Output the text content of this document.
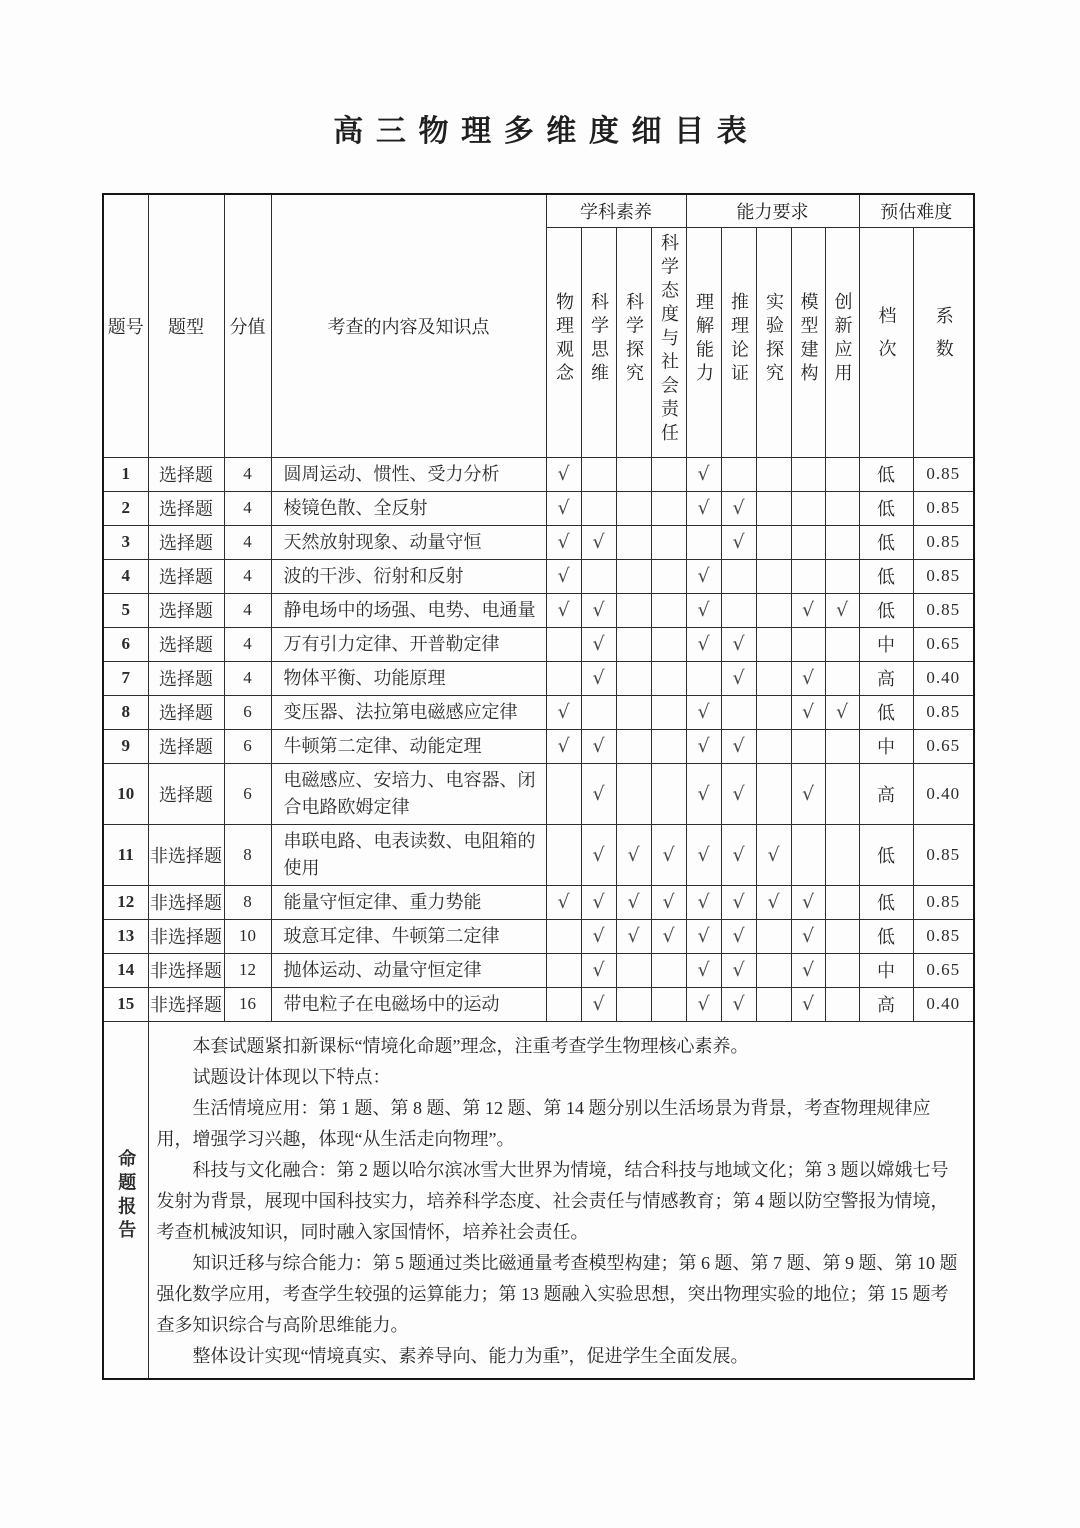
高三物理多维度细目表
题号	题型	分值	考查的内容及知识点	学科素养				能力要求					预估难度	
				物理观念	科学思维	科学探究	科学态度与社会责任	理解能力	推理论证	实验探究	模型建构	创新应用	档次	系数
1	选择题	4	圆周运动、惯性、受力分析	√				√					低	0.85
2	选择题	4	棱镜色散、全反射	√				√	√				低	0.85
3	选择题	4	天然放射现象、动量守恒	√	√				√				低	0.85
4	选择题	4	波的干涉、衍射和反射	√				√					低	0.85
5	选择题	4	静电场中的场强、电势、电通量	√	√			√			√	√	低	0.85
6	选择题	4	万有引力定律、开普勒定律		√			√	√				中	0.65
7	选择题	4	物体平衡、功能原理		√				√		√		高	0.40
8	选择题	6	变压器、法拉第电磁感应定律	√				√			√	√	低	0.85
9	选择题	6	牛顿第二定律、动能定理	√	√			√	√				中	0.65
10	选择题	6	电磁感应、安培力、电容器、闭合电路欧姆定律		√			√	√		√		高	0.40
11	非选择题	8	串联电路、电表读数、电阻箱的使用		√	√	√	√	√	√			低	0.85
12	非选择题	8	能量守恒定律、重力势能	√	√	√	√	√	√	√	√		低	0.85
13	非选择题	10	玻意耳定律、牛顿第二定律		√	√	√	√	√		√		低	0.85
14	非选择题	12	抛体运动、动量守恒定律		√			√	√		√		中	0.65
15	非选择题	16	带电粒子在电磁场中的运动		√			√	√		√		高	0.40
命题报告	

本套试题紧扣新课标“情境化命题”理念，注重考查学生物理核心素养。

试题设计体现以下特点：

生活情境应用：第 1 题、第 8 题、第 12 题、第 14 题分别以生活场景为背景，考查物理规律应用，增强学习兴趣，体现“从生活走向物理”。

科技与文化融合：第 2 题以哈尔滨冰雪大世界为情境，结合科技与地域文化；第 3 题以嫦娥七号发射为背景，展现中国科技实力，培养科学态度、社会责任与情感教育；第 4 题以防空警报为情境，考查机械波知识，同时融入家国情怀，培养社会责任。

知识迁移与综合能力：第 5 题通过类比磁通量考查模型构建；第 6 题、第 7 题、第 9 题、第 10 题强化数学应用，考查学生较强的运算能力；第 13 题融入实验思想，突出物理实验的地位；第 15 题考查多知识综合与高阶思维能力。

整体设计实现“情境真实、素养导向、能力为重”，促进学生全面发展。
